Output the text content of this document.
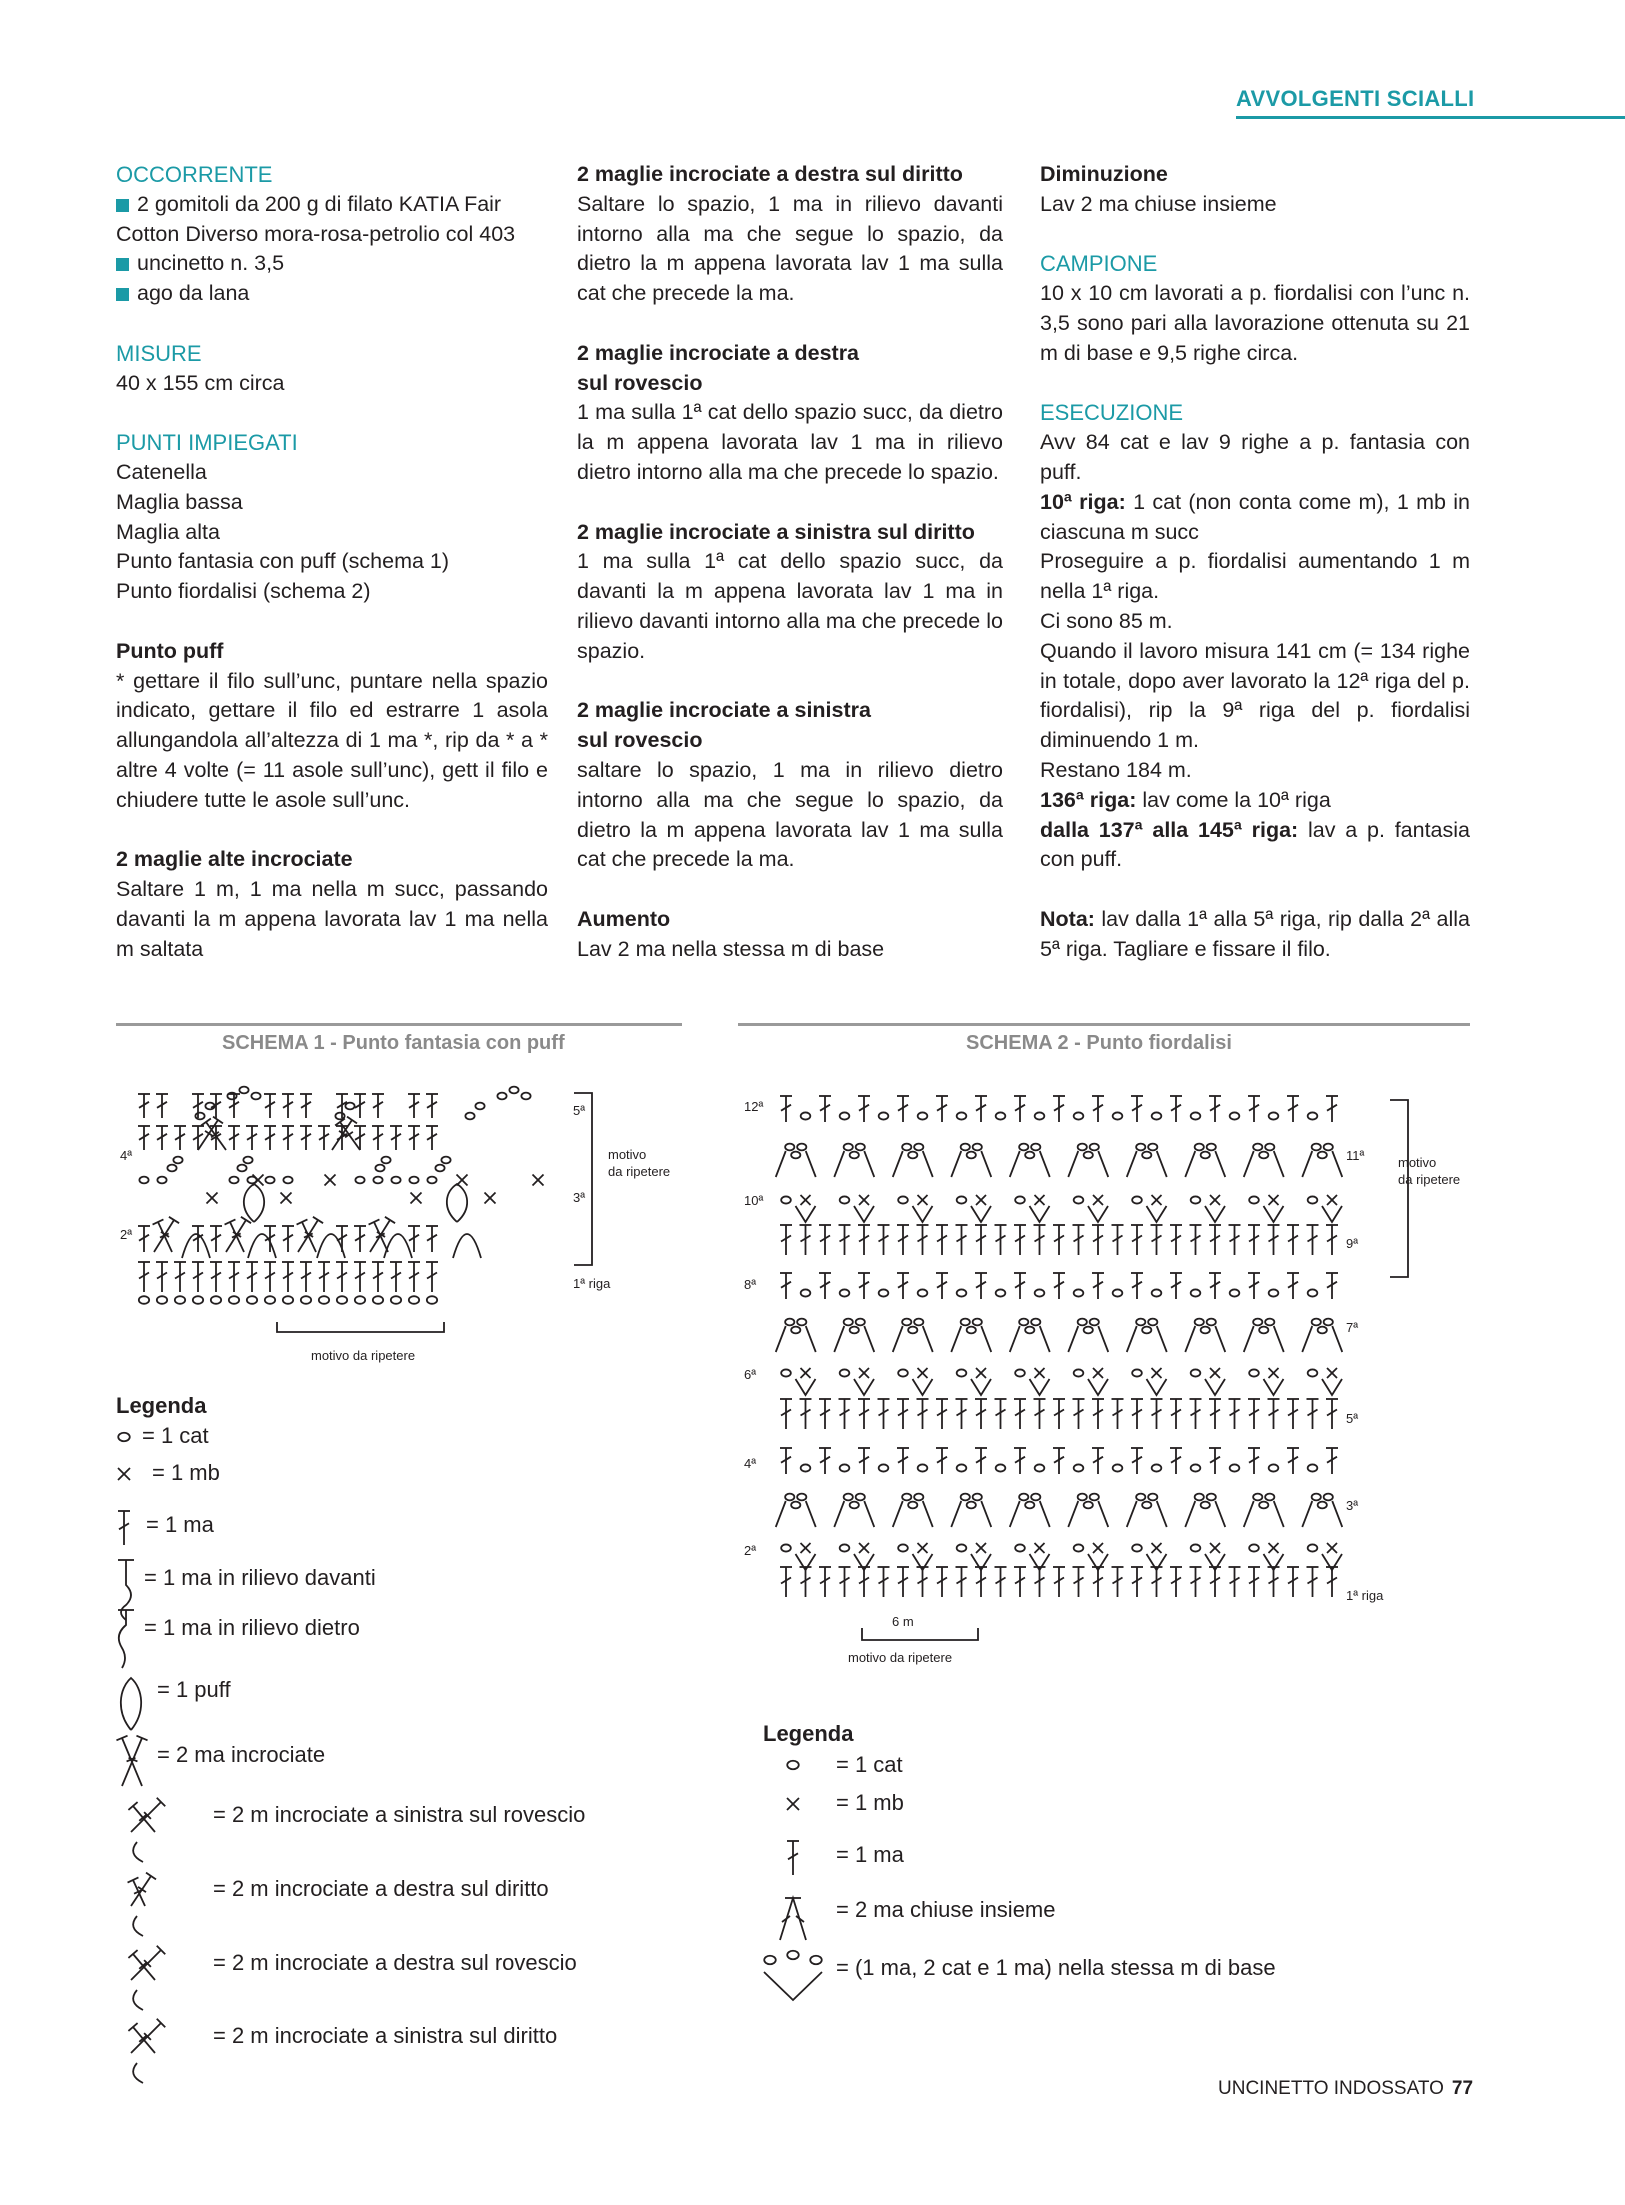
AVVOLGENTI SCIALLI

OCCORRENTE

2 gomitoli da 200 g di filato KATIA Fair

Cotton Diverso mora-rosa-petrolio col 403

uncinetto n. 3,5

ago da lana

MISURE

40 x 155 cm circa

PUNTI IMPIEGATI

Catenella

Maglia bassa

Maglia alta

Punto fantasia con puff (schema 1)

Punto fiordalisi (schema 2)

Punto puff

* gettare il filo sull’unc, puntare nella spazio indicato, gettare il filo ed estrarre 1 asola allungandola all’altezza di 1 ma *, rip da * a * altre 4 volte (= 11 asole sull’unc), gett il filo e chiudere tutte le asole sull’unc.

2 maglie alte incrociate

Saltare 1 m, 1 ma nella m succ, passando davanti la m appena lavorata lav 1 ma nella m saltata

2 maglie incrociate a destra sul diritto

Saltare lo spazio, 1 ma in rilievo davanti intorno alla ma che segue lo spazio, da dietro la m appena lavorata lav 1 ma sulla cat che precede la ma.

2 maglie incrociate a destra

sul rovescio

1 ma sulla 1ª cat dello spazio succ, da dietro la m appena lavorata lav 1 ma in rilievo dietro intorno alla ma che precede lo spazio.

2 maglie incrociate a sinistra sul diritto

1 ma sulla 1ª cat dello spazio succ, da davanti la m appena lavorata lav 1 ma in rilievo davanti intorno alla ma che precede lo spazio.

2 maglie incrociate a sinistra

sul rovescio

saltare lo spazio, 1 ma in rilievo dietro intorno alla ma che segue lo spazio, da dietro la m appena lavorata lav 1 ma sulla cat che precede la ma.

Aumento

Lav 2 ma nella stessa m di base

Diminuzione

Lav 2 ma chiuse insieme

CAMPIONE

10 x 10 cm lavorati a p. fiordalisi con l’unc n. 3,5 sono pari alla lavorazione ottenuta su 21 m di base e 9,5 righe circa.

ESECUZIONE

Avv 84 cat e lav 9 righe a p. fantasia con puff.

10ª riga: 1 cat (non conta come m), 1 mb in ciascuna m succ

Proseguire a p. fiordalisi aumentando 1 m nella 1ª riga.

Ci sono 85 m.

Quando il lavoro misura 141 cm (= 134 righe in totale, dopo aver lavorato la 12ª riga del p. fiordalisi), rip la 9ª riga del p. fiordalisi diminuendo 1 m.

Restano 184 m.

136ª riga: lav come la 10ª riga

dalla 137ª alla 145ª riga: lav a p. fantasia con puff.

Nota: lav dalla 1ª alla 5ª riga, rip dalla 2ª alla 5ª riga. Tagliare e fissare il filo.

SCHEMA 1 - Punto fantasia con puff	SCHEMA 2 - Punto fiordalisi
1ª riga
2ª
3ª
4ª
5ª
motivo
da ripetere
motivo da ripetere
Legenda
= 1 cat
= 1 mb
= 1 ma
= 1 ma in rilievo davanti
= 1 ma in rilievo dietro
= 1 puff
= 2 ma incrociate
= 2 m incrociate a sinistra sul rovescio
= 2 m incrociate a destra sul diritto
= 2 m incrociate a destra sul rovescio
= 2 m incrociate a sinistra sul diritto
12ª
11ª
10ª
9ª
8ª
7ª
6ª
5ª
4ª
3ª
2ª
1ª riga
motivo
da ripetere
6 m
motivo da ripetere
Legenda
= 1 cat
= 1 mb
= 1 ma
= 2 ma chiuse insieme
= (1 ma, 2 cat e 1 ma) nella stessa m di base
UNCINETTO INDOSSATO 77
